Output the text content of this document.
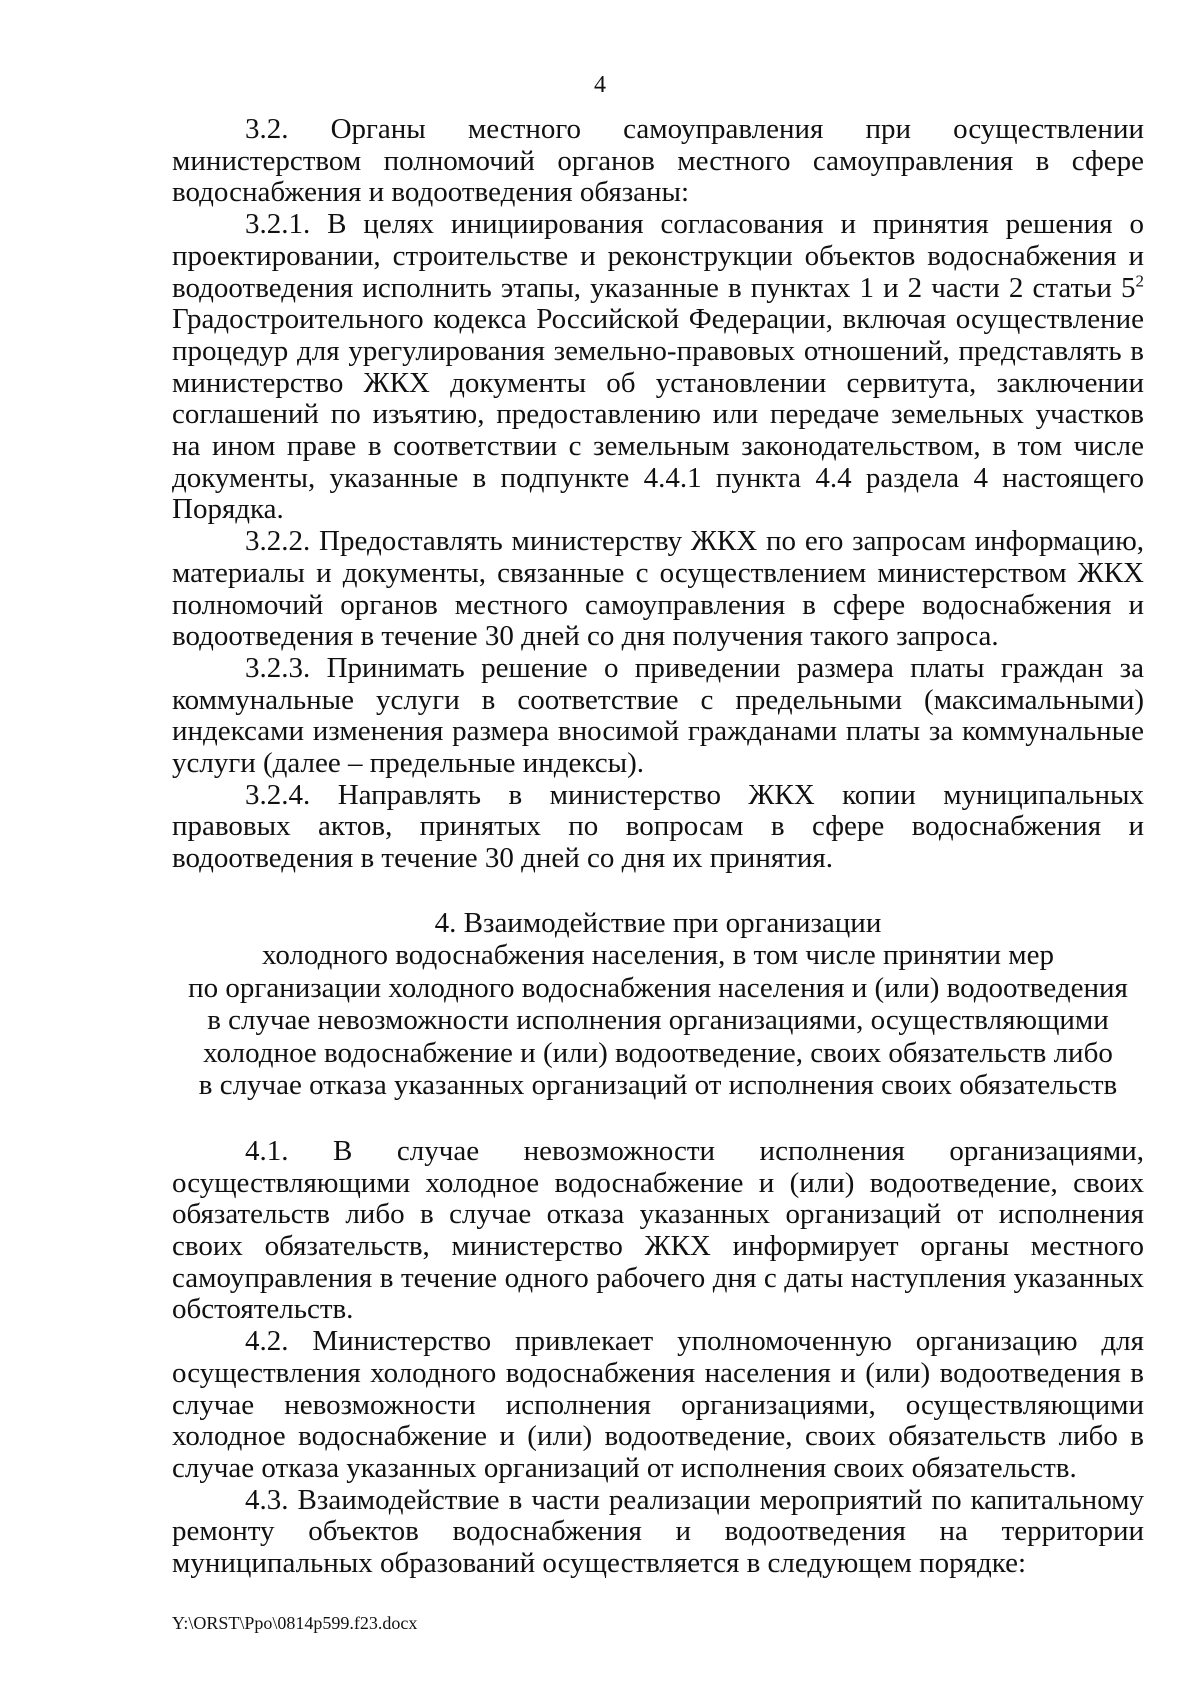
4

3.2. Органы местного самоуправления при осуществлении министерством полномочий органов местного самоуправления в сфере водоснабжения и водоотведения обязаны:

3.2.1. В целях инициирования согласования и принятия решения о проектировании, строительстве и реконструкции объектов водоснабжения и водоотведения исполнить этапы, указанные в пунктах 1 и 2 части 2 статьи $5^2$ Градостроительного кодекса Российской Федерации, включая осуществление процедур для урегулирования земельно-правовых отношений, представлять в министерство ЖКХ документы об установлении сервитута, заключении соглашений по изъятию, предоставлению или передаче земельных участков на ином праве в соответствии с земельным законодательством, в том числе документы, указанные в подпункте 4.4.1 пункта 4.4 раздела 4 настоящего Порядка.

3.2.2. Предоставлять министерству ЖКХ по его запросам информацию, материалы и документы, связанные с осуществлением министерством ЖКХ полномочий органов местного самоуправления в сфере водоснабжения и водоотведения в течение 30 дней со дня получения такого запроса.

3.2.3. Принимать решение о приведении размера платы граждан за коммунальные услуги в соответствие с предельными (максимальными) индексами изменения размера вносимой гражданами платы за коммунальные услуги (далее – предельные индексы).

3.2.4. Направлять в министерство ЖКХ копии муниципальных правовых актов, принятых по вопросам в сфере водоснабжения и водоотведения в течение 30 дней со дня их принятия.

4. Взаимодействие при организации

холодного водоснабжения населения, в том числе принятии мер

по организации холодного водоснабжения населения и (или) водоотведения

в случае невозможности исполнения организациями, осуществляющими

холодное водоснабжение и (или) водоотведение, своих обязательств либо

в случае отказа указанных организаций от исполнения своих обязательств

4.1. В случае невозможности исполнения организациями, осуществляющими холодное водоснабжение и (или) водоотведение, своих обязательств либо в случае отказа указанных организаций от исполнения своих обязательств, министерство ЖКХ информирует органы местного самоуправления в течение одного рабочего дня с даты наступления указанных обстоятельств.

4.2. Министерство привлекает уполномоченную организацию для осуществления холодного водоснабжения населения и (или) водоотведения в случае невозможности исполнения организациями, осуществляющими холодное водоснабжение и (или) водоотведение, своих обязательств либо в случае отказа указанных организаций от исполнения своих обязательств.

4.3. Взаимодействие в части реализации мероприятий по капитальному ремонту объектов водоснабжения и водоотведения на территории муниципальных образований осуществляется в следующем порядке:

Y:\ORST\Ppo\0814p599.f23.docx
